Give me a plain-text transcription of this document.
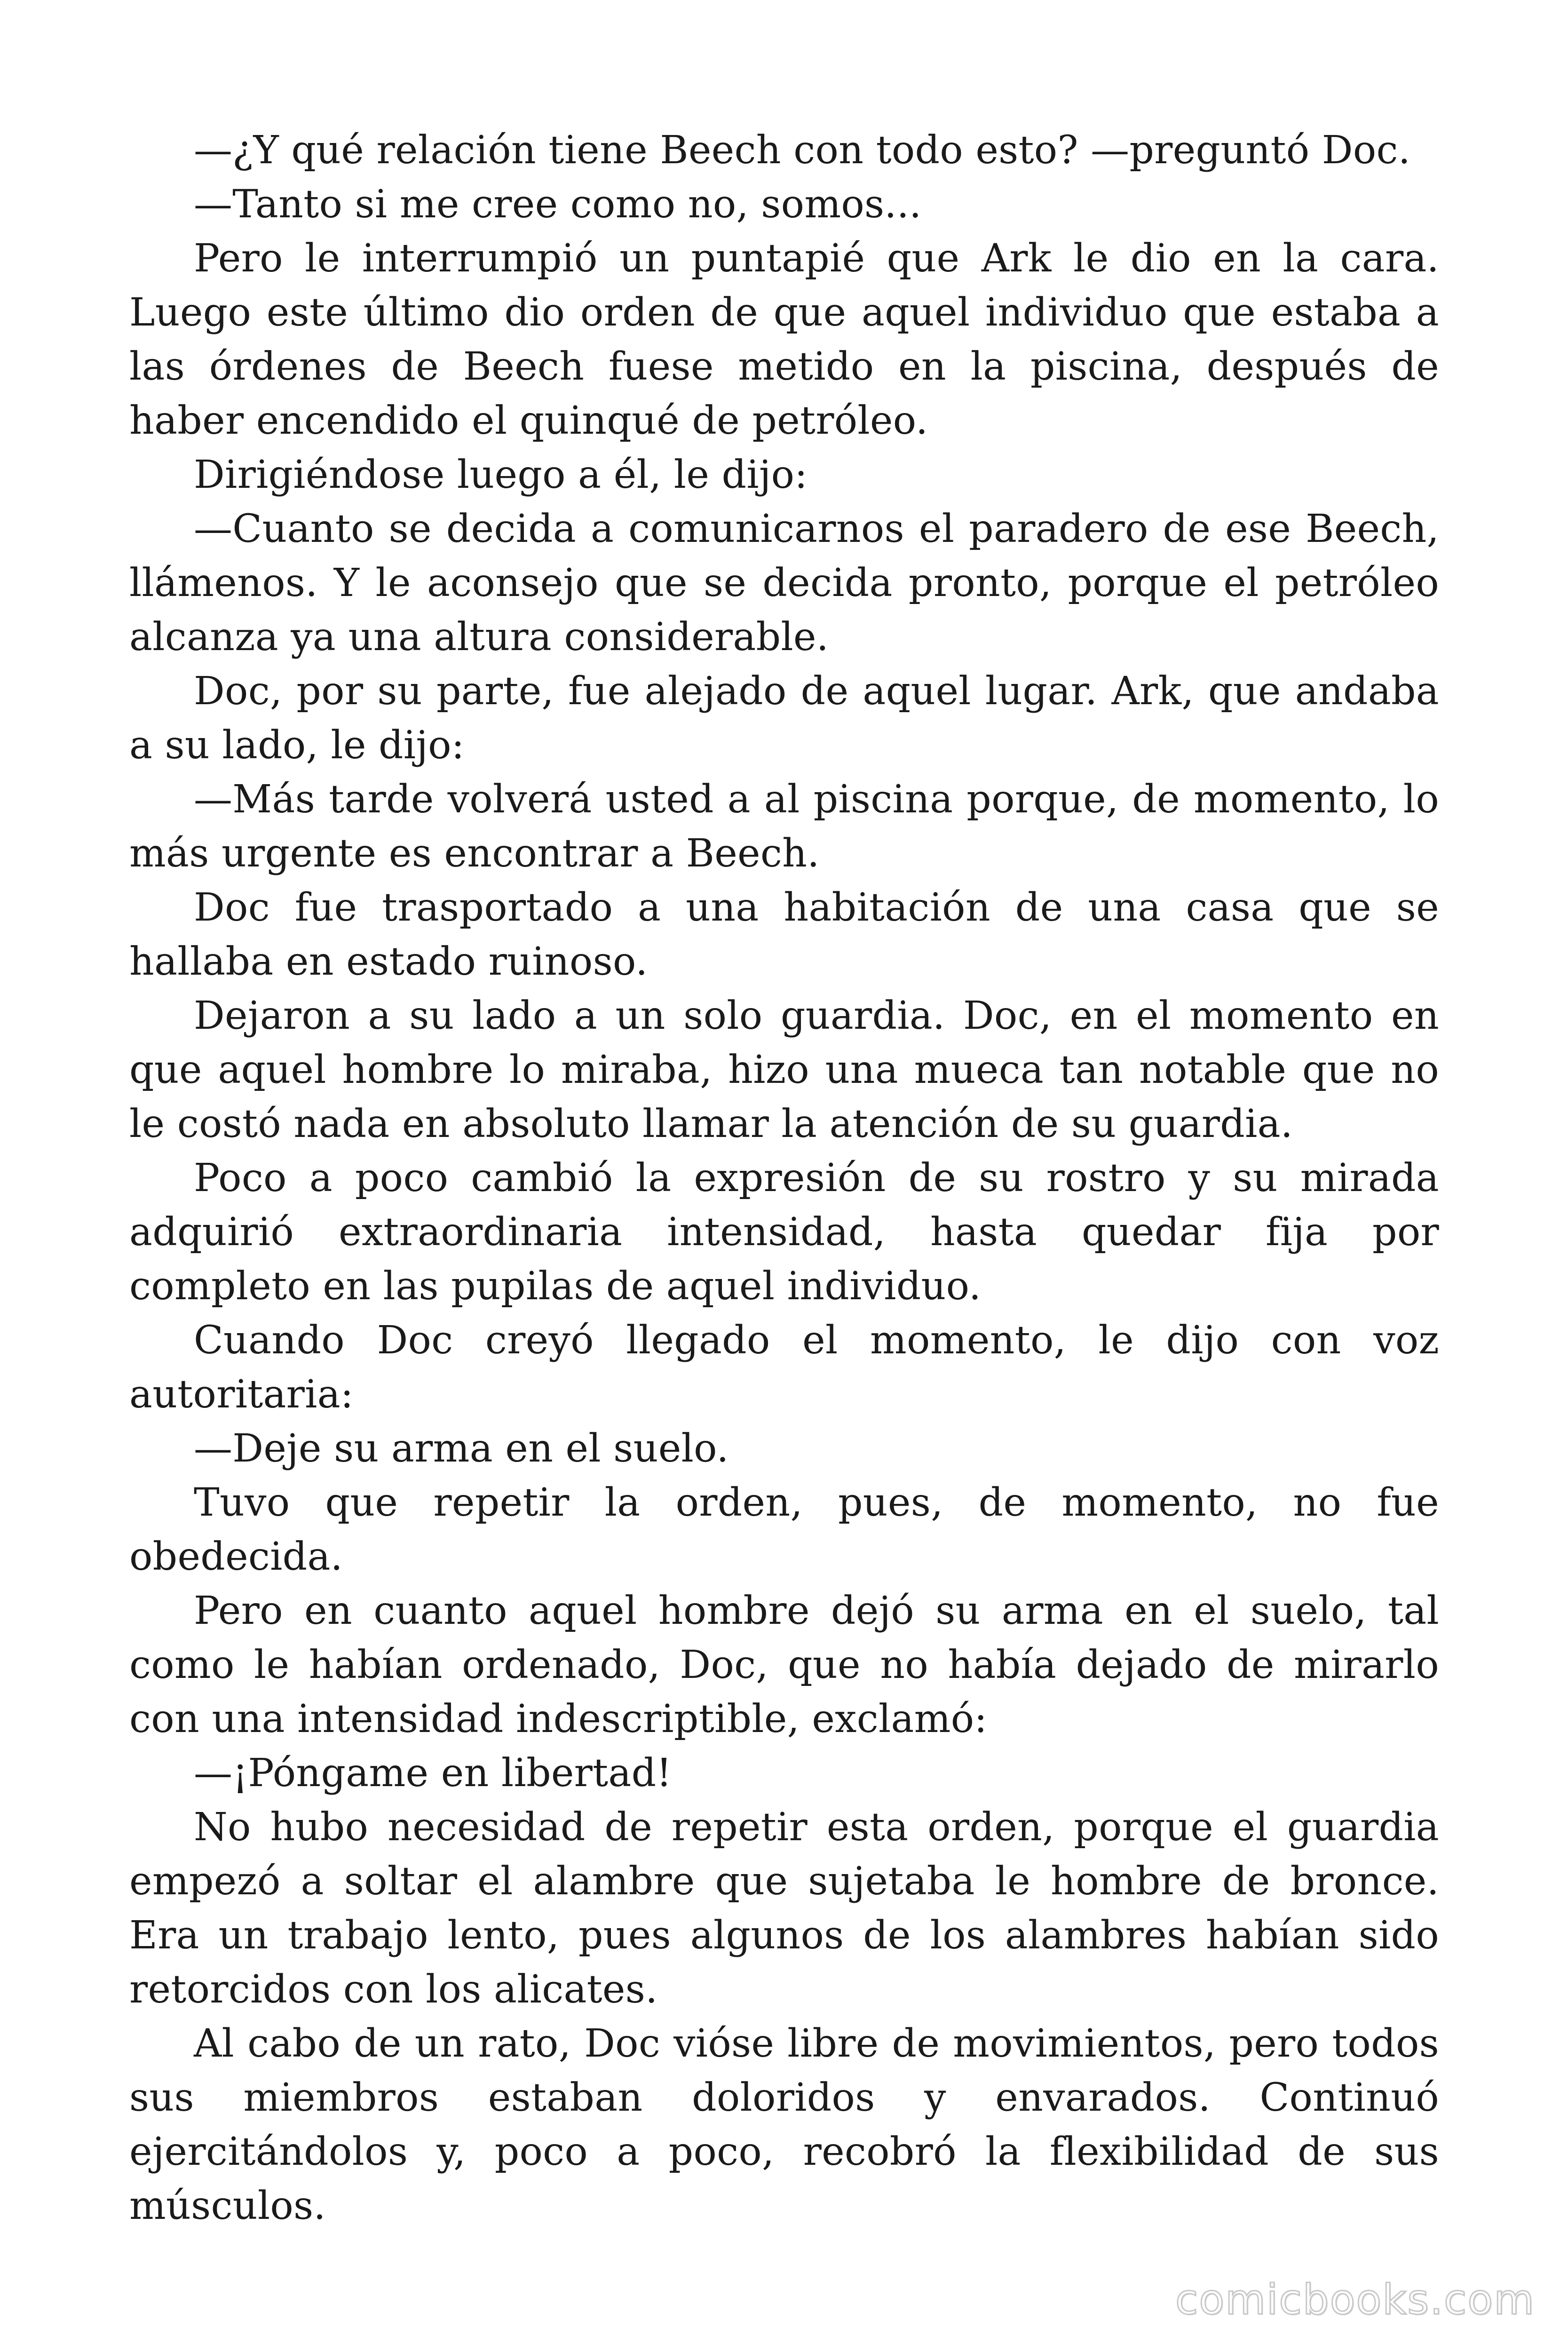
—¿Y qué relación tiene Beech con todo esto? —preguntó Doc.

—Tanto si me cree como no, somos...

Pero le interrumpió un puntapié que Ark le dio en la cara. Luego este último dio orden de que aquel individuo que estaba a las órdenes de Beech fuese metido en la piscina, después de haber encendido el quinqué de petróleo.

Dirigiéndose luego a él, le dijo:

—Cuanto se decida a comunicarnos el paradero de ese Beech, llámenos. Y le aconsejo que se decida pronto, porque el petróleo alcanza ya una altura considerable.

Doc, por su parte, fue alejado de aquel lugar. Ark, que andaba a su lado, le dijo:

—Más tarde volverá usted a al piscina porque, de momento, lo más urgente es encontrar a Beech.

Doc fue trasportado a una habitación de una casa que se hallaba en estado ruinoso.

Dejaron a su lado a un solo guardia. Doc, en el momento en que aquel hombre lo miraba, hizo una mueca tan notable que no le costó nada en absoluto llamar la atención de su guardia.

Poco a poco cambió la expresión de su rostro y su mirada adquirió extraordinaria intensidad, hasta quedar fija por completo en las pupilas de aquel individuo.

Cuando Doc creyó llegado el momento, le dijo con voz autoritaria:

—Deje su arma en el suelo.

Tuvo que repetir la orden, pues, de momento, no fue obedecida.

Pero en cuanto aquel hombre dejó su arma en el suelo, tal como le habían ordenado, Doc, que no había dejado de mirarlo con una intensidad indescriptible, exclamó:

—¡Póngame en libertad!

No hubo necesidad de repetir esta orden, porque el guardia empezó a soltar el alambre que sujetaba le hombre de bronce. Era un trabajo lento, pues algunos de los alambres habían sido retorcidos con los alicates.

Al cabo de un rato, Doc vióse libre de movimientos, pero todos sus miembros estaban doloridos y envarados. Continuó ejercitándolos y, poco a poco, recobró la flexibilidad de sus músculos.

comicbooks.com
